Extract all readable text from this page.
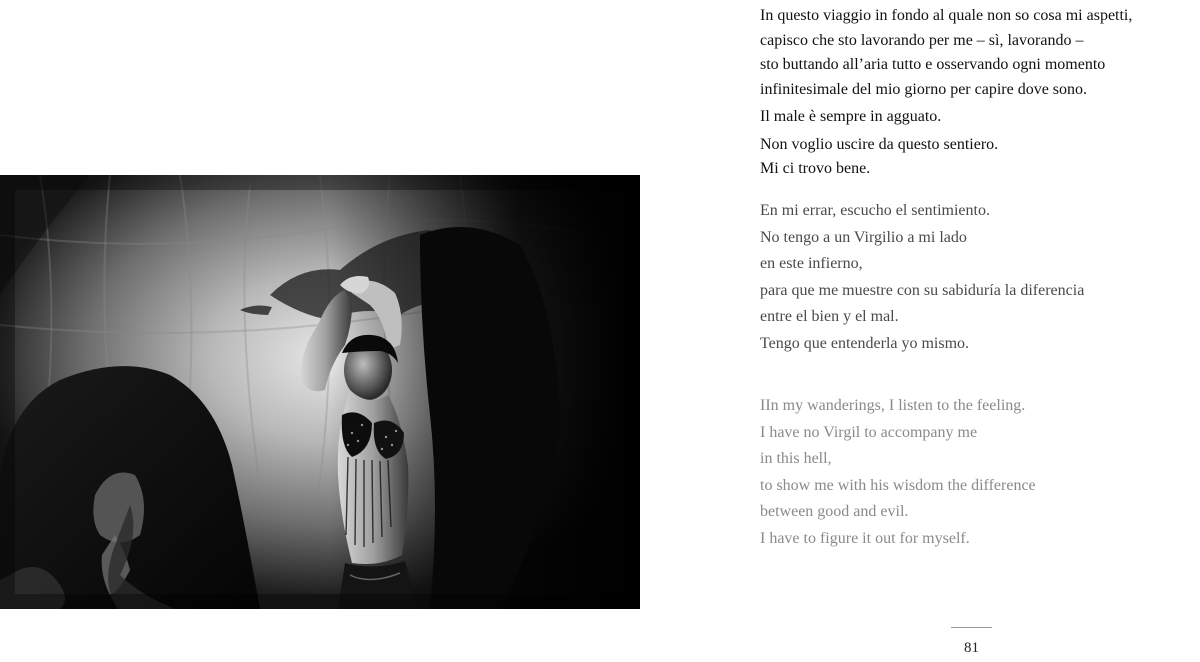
In questo viaggio in fondo al quale non so cosa mi aspetti,
capisco che sto lavorando per me – sì, lavorando –
sto buttando all’aria tutto e osservando ogni momento
infinitesimale del mio giorno per capire dove sono.
Il male è sempre in agguato.
Non voglio uscire da questo sentiero.
Mi ci trovo bene.

En mi errar, escucho el sentimiento.
No tengo a un Virgilio a mi lado
en este infierno,
para que me muestre con su sabiduría la diferencia
entre el bien y el mal.
Tengo que entenderla yo mismo.

IIn my wanderings, I listen to the feeling.
I have no Virgil to accompany me
in this hell,
to show me with his wisdom the difference
between good and evil.
I have to figure it out for myself.

81
